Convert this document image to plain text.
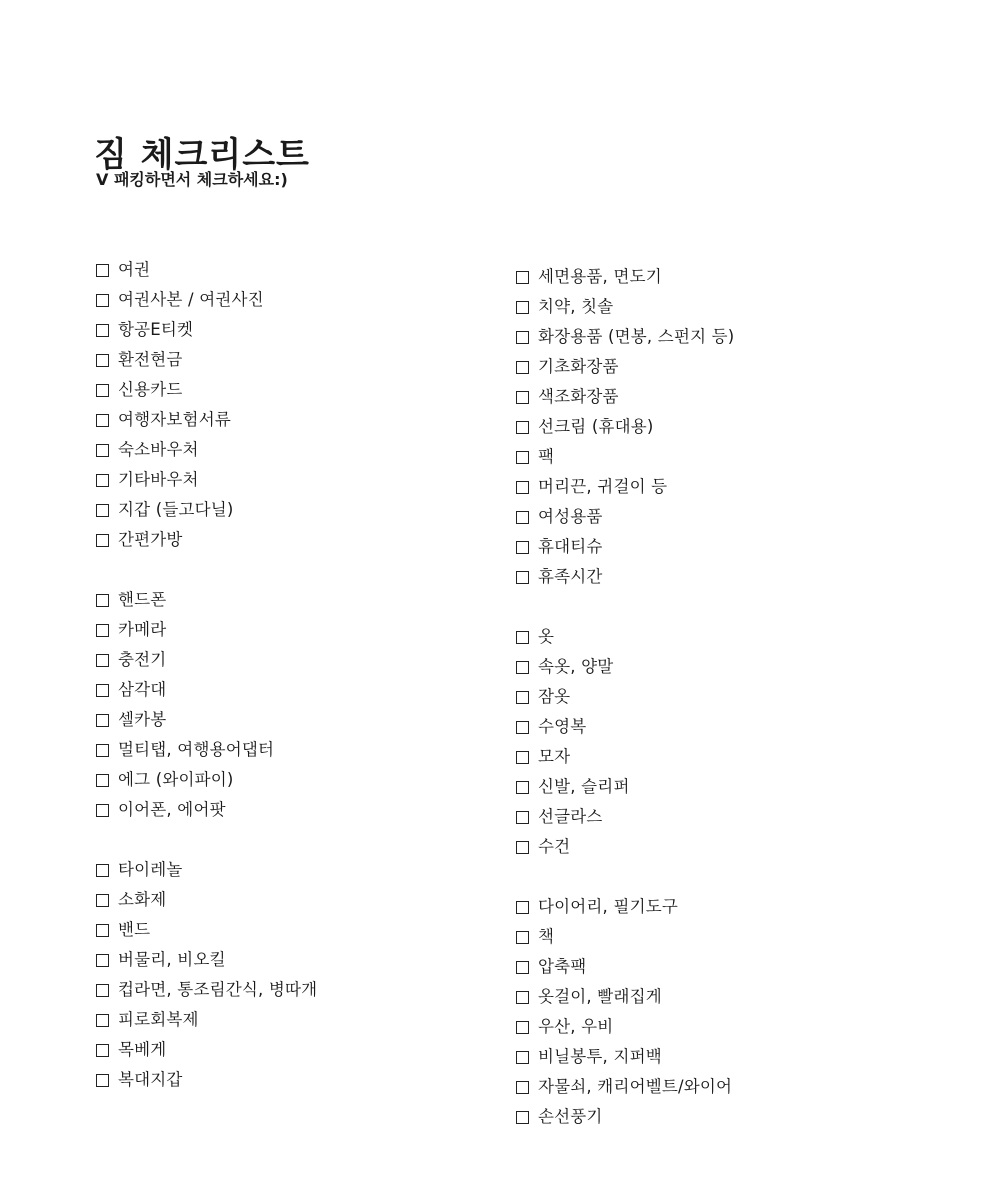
짐 체크리스트
V 패킹하면서 체크하세요:)
여권
여권사본 / 여권사진
항공E티켓
환전현금
신용카드
여행자보험서류
숙소바우처
기타바우처
지갑 (들고다닐)
간편가방
핸드폰
카메라
충전기
삼각대
셀카봉
멀티탭, 여행용어댑터
에그 (와이파이)
이어폰, 에어팟
타이레놀
소화제
밴드
버물리, 비오킬
컵라면, 통조림간식, 병따개
피로회복제
목베게
복대지갑
세면용품, 면도기
치약, 칫솔
화장용품 (면봉, 스펀지 등)
기초화장품
색조화장품
선크림 (휴대용)
팩
머리끈, 귀걸이 등
여성용품
휴대티슈
휴족시간
옷
속옷, 양말
잠옷
수영복
모자
신발, 슬리퍼
선글라스
수건
다이어리, 필기도구
책
압축팩
옷걸이, 빨래집게
우산, 우비
비닐봉투, 지퍼백
자물쇠, 캐리어벨트/와이어
손선풍기
